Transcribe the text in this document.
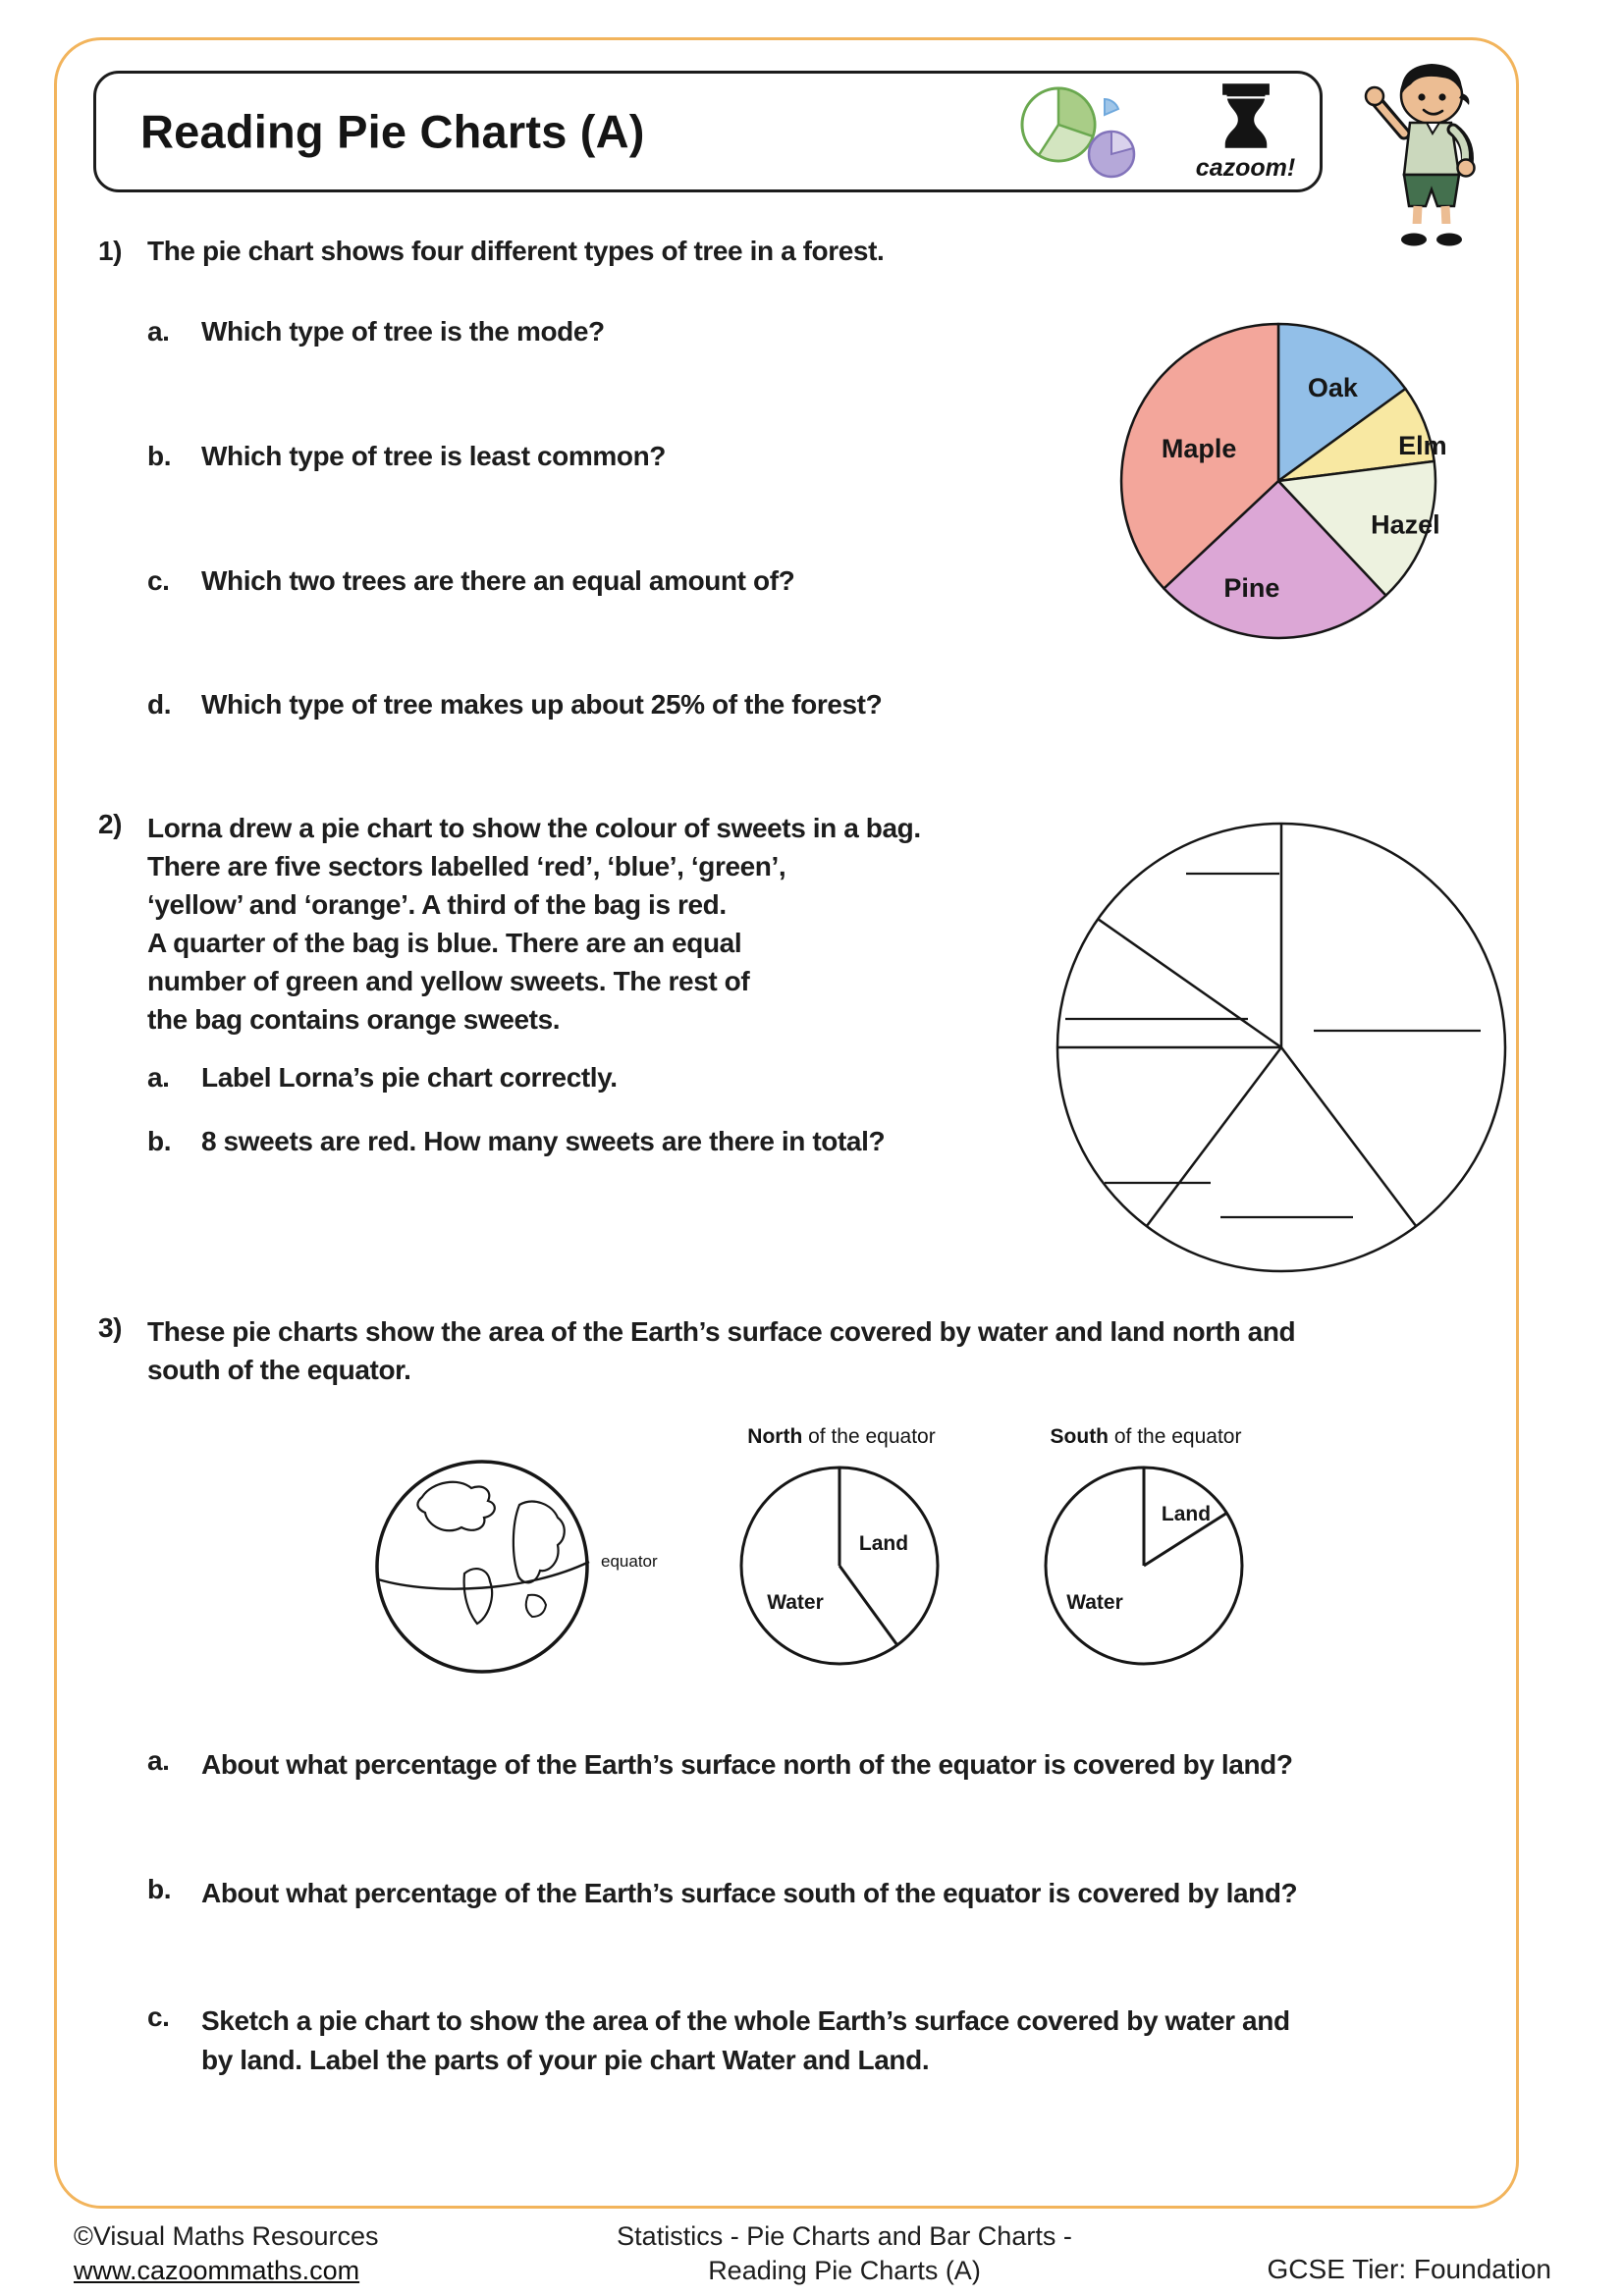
Reading Pie Charts (A)
cazoom!
1) The pie chart shows four different types of tree in a forest.
a.	Which type of tree is the mode?
b.	Which type of tree is least common?
c.	Which two trees are there an equal amount of?
d.	Which type of tree makes up about 25% of the forest?
Oak
Elm
Hazel
Pine
Maple
2) Lorna drew a pie chart to show the colour of sweets in a bag.
There are five sectors labelled ‘red’, ‘blue’, ‘green’,
‘yellow’ and ‘orange’. A third of the bag is red.
A quarter of the bag is blue. There are an equal
number of green and yellow sweets. The rest of
the bag contains orange sweets.
a.	Label Lorna’s pie chart correctly.
b.	8 sweets are red. How many sweets are there in total?
3) These pie charts show the area of the Earth’s surface covered by water and land north and
south of the equator.
equator
North of the equator
Land
Water
South of the equator
Land
Water
a.	About what percentage of the Earth’s surface north of the equator is covered by land?
b.	About what percentage of the Earth’s surface south of the equator is covered by land?
c.	Sketch a pie chart to show the area of the whole Earth’s surface covered by water and
by land. Label the parts of your pie chart Water and Land.
©Visual Maths Resources
www.cazoommaths.com
Statistics - Pie Charts and Bar Charts -
Reading Pie Charts (A)	GCSE Tier: Foundation
